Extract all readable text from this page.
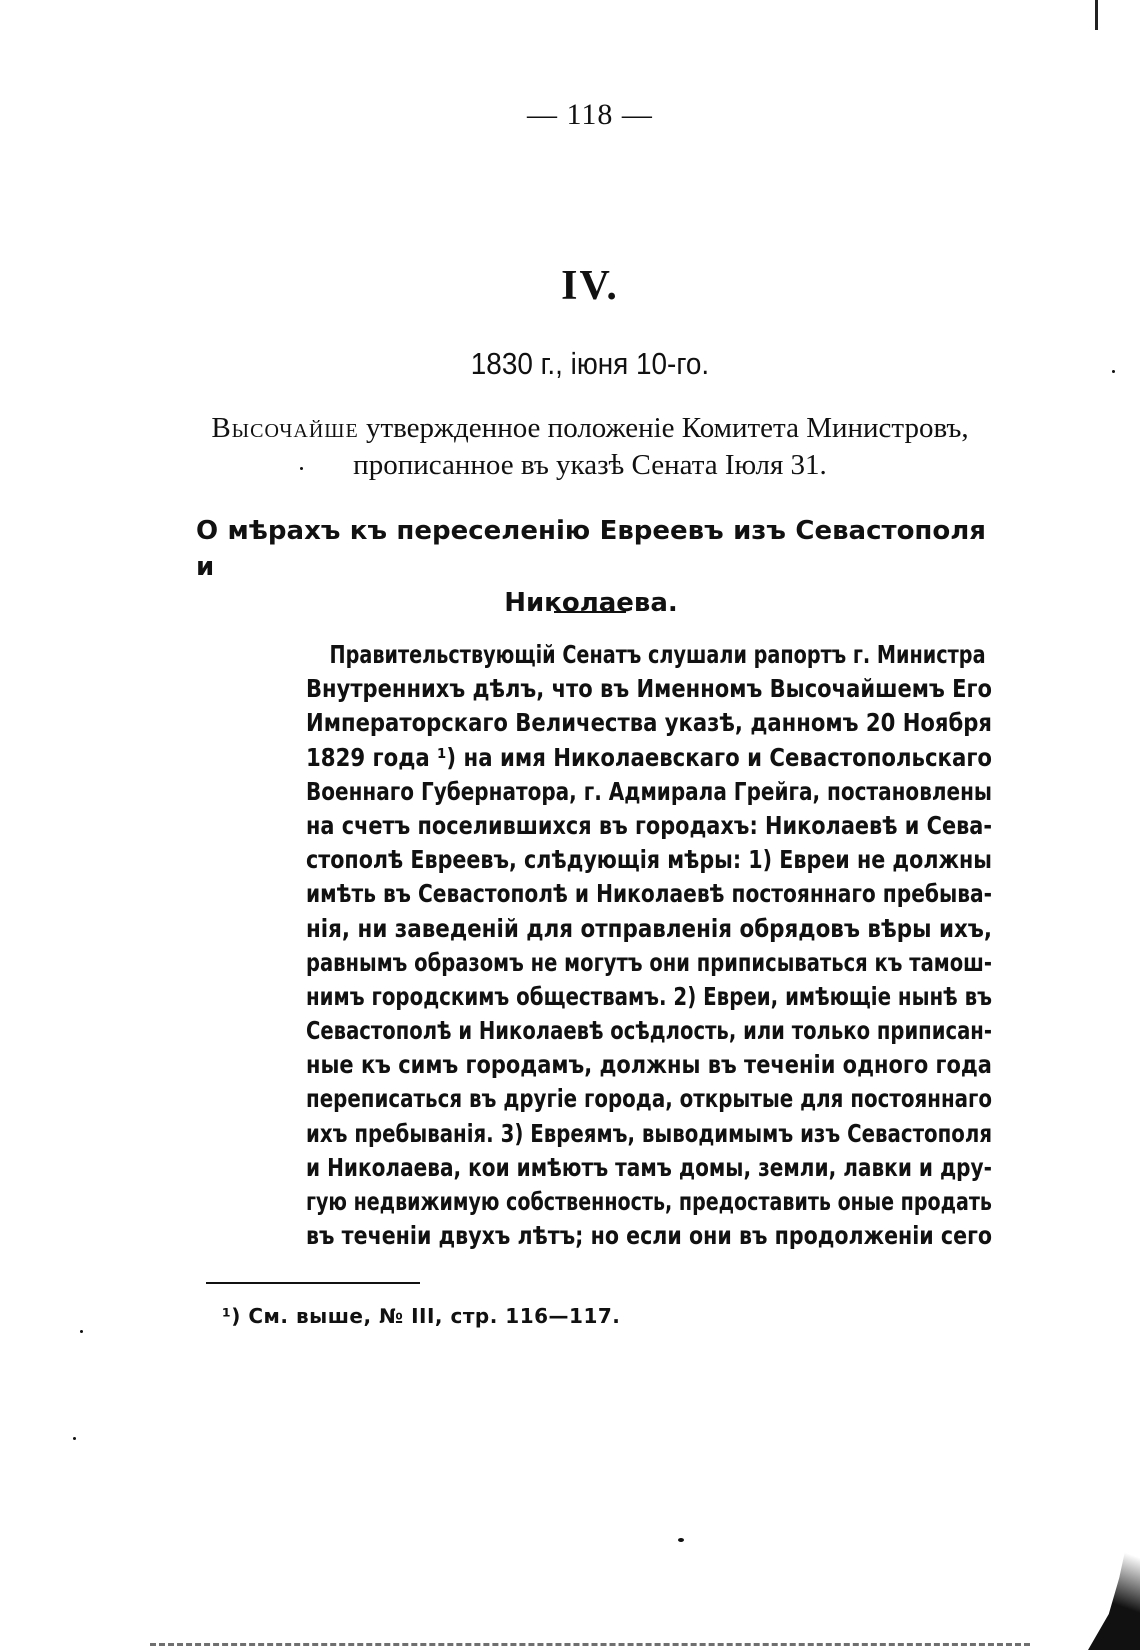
— 118 —
IV.
1830 г., іюня 10-го.
Высочайше утвержденное положеніе Комитета Министровъ,
прописанное въ указѣ Сената Іюля 31.
О мѣрахъ къ переселенію Евреевъ изъ Севастополя и
Николаева.
Правительствующій Сенатъ слушали рапортъ г. Министра
Внутреннихъ дѣлъ, что въ Именномъ Высочайшемъ Его
Императорскаго Величества указѣ, данномъ 20 Ноября
1829 года ¹) на имя Николаевскаго и Севастопольскаго
Военнаго Губернатора, г. Адмирала Грейга, постановлены
на счетъ поселившихся въ городахъ: Николаевѣ и Сева-
стополѣ Евреевъ, слѣдующія мѣры: 1) Евреи не должны
имѣть въ Севастополѣ и Николаевѣ постояннаго пребыва-
нія, ни заведеній для отправленія обрядовъ вѣры ихъ,
равнымъ образомъ не могутъ они приписываться къ тамош-
нимъ городскимъ обществамъ. 2) Евреи, имѣющіе нынѣ въ
Севастополѣ и Николаевѣ осѣдлость, или только приписан-
ные къ симъ городамъ, должны въ теченіи одного года
переписаться въ другіе города, открытые для постояннаго
ихъ пребыванія. 3) Евреямъ, выводимымъ изъ Севастополя
и Николаева, кои имѣютъ тамъ домы, земли, лавки и дру-
гую недвижимую собственность, предоставить оные продать
въ теченіи двухъ лѣтъ; но если они въ продолженіи сего
¹) См. выше, № III, стр. 116—117.
